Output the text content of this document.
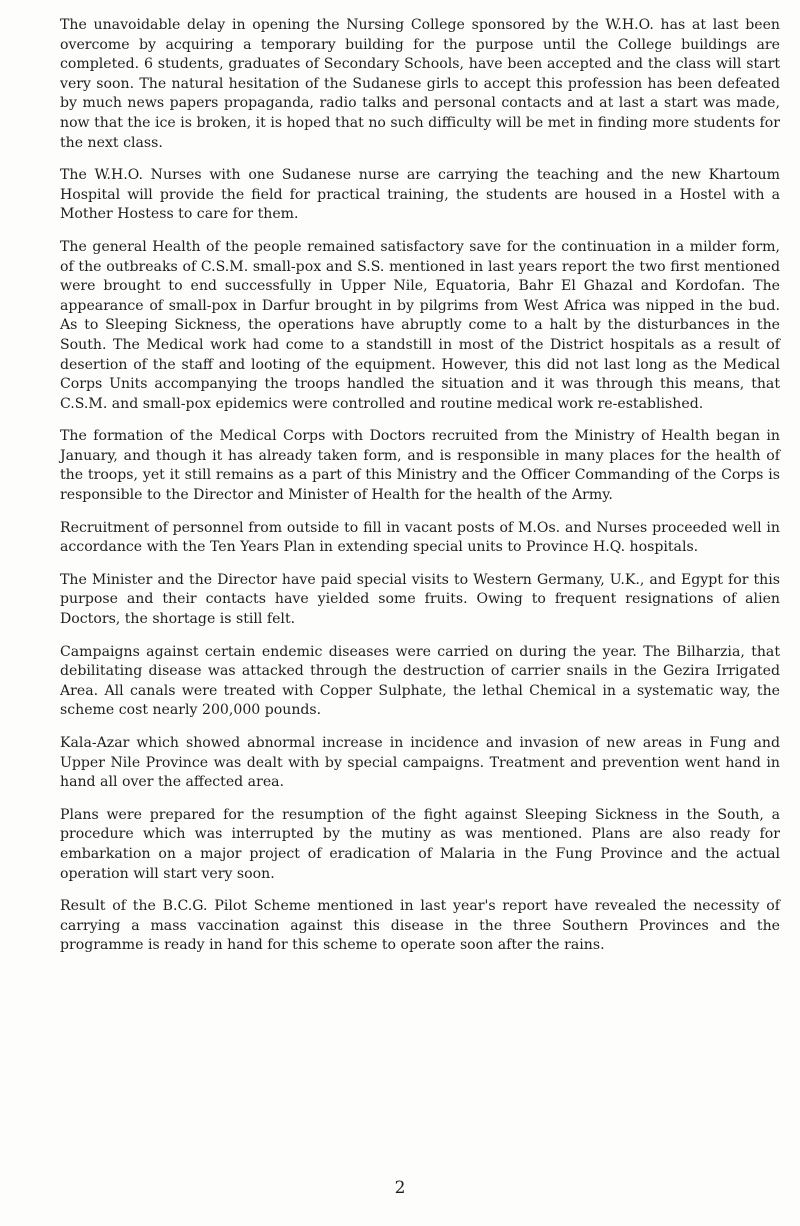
The unavoidable delay in opening the Nursing College sponsored by the W.H.O. has at last been overcome by acquiring a temporary building for the purpose until the College buildings are completed. 6 students, graduates of Secondary Schools, have been accepted and the class will start very soon. The natural hesitation of the Sudanese girls to accept this profession has been defeated by much news papers propaganda, radio talks and personal contacts and at last a start was made, now that the ice is broken, it is hoped that no such difficulty will be met in finding more students for the next class.

The W.H.O. Nurses with one Sudanese nurse are carrying the teaching and the new Khartoum Hospital will provide the field for practical training, the students are housed in a Hostel with a Mother Hostess to care for them.

The general Health of the people remained satisfactory save for the continuation in a milder form, of the outbreaks of C.S.M. small-pox and S.S. mentioned in last years report the two first mentioned were brought to end successfully in Upper Nile, Equatoria, Bahr El Ghazal and Kordofan. The appearance of small-pox in Darfur brought in by pilgrims from West Africa was nipped in the bud. As to Sleeping Sickness, the operations have abruptly come to a halt by the disturbances in the South. The Medical work had come to a standstill in most of the District hospitals as a result of desertion of the staff and looting of the equipment. However, this did not last long as the Medical Corps Units accompanying the troops handled the situation and it was through this means, that C.S.M. and small-pox epidemics were controlled and routine medical work re-established.

The formation of the Medical Corps with Doctors recruited from the Ministry of Health began in January, and though it has already taken form, and is responsible in many places for the health of the troops, yet it still remains as a part of this Ministry and the Officer Commanding of the Corps is responsible to the Director and Minister of Health for the health of the Army.

Recruitment of personnel from outside to fill in vacant posts of M.Os. and Nurses proceeded well in accordance with the Ten Years Plan in extending special units to Province H.Q. hospitals.

The Minister and the Director have paid special visits to Western Germany, U.K., and Egypt for this purpose and their contacts have yielded some fruits. Owing to frequent resignations of alien Doctors, the shortage is still felt.

Campaigns against certain endemic diseases were carried on during the year. The Bilharzia, that debilitating disease was attacked through the destruction of carrier snails in the Gezira Irrigated Area. All canals were treated with Copper Sulphate, the lethal Chemical in a systematic way, the scheme cost nearly 200,000 pounds.

Kala-Azar which showed abnormal increase in incidence and invasion of new areas in Fung and Upper Nile Province was dealt with by special campaigns. Treatment and prevention went hand in hand all over the affected area.

Plans were prepared for the resumption of the fight against Sleeping Sickness in the South, a procedure which was interrupted by the mutiny as was mentioned. Plans are also ready for embarkation on a major project of eradication of Malaria in the Fung Province and the actual operation will start very soon.

Result of the B.C.G. Pilot Scheme mentioned in last year's report have revealed the necessity of carrying a mass vaccination against this disease in the three Southern Provinces and the programme is ready in hand for this scheme to operate soon after the rains.

2
